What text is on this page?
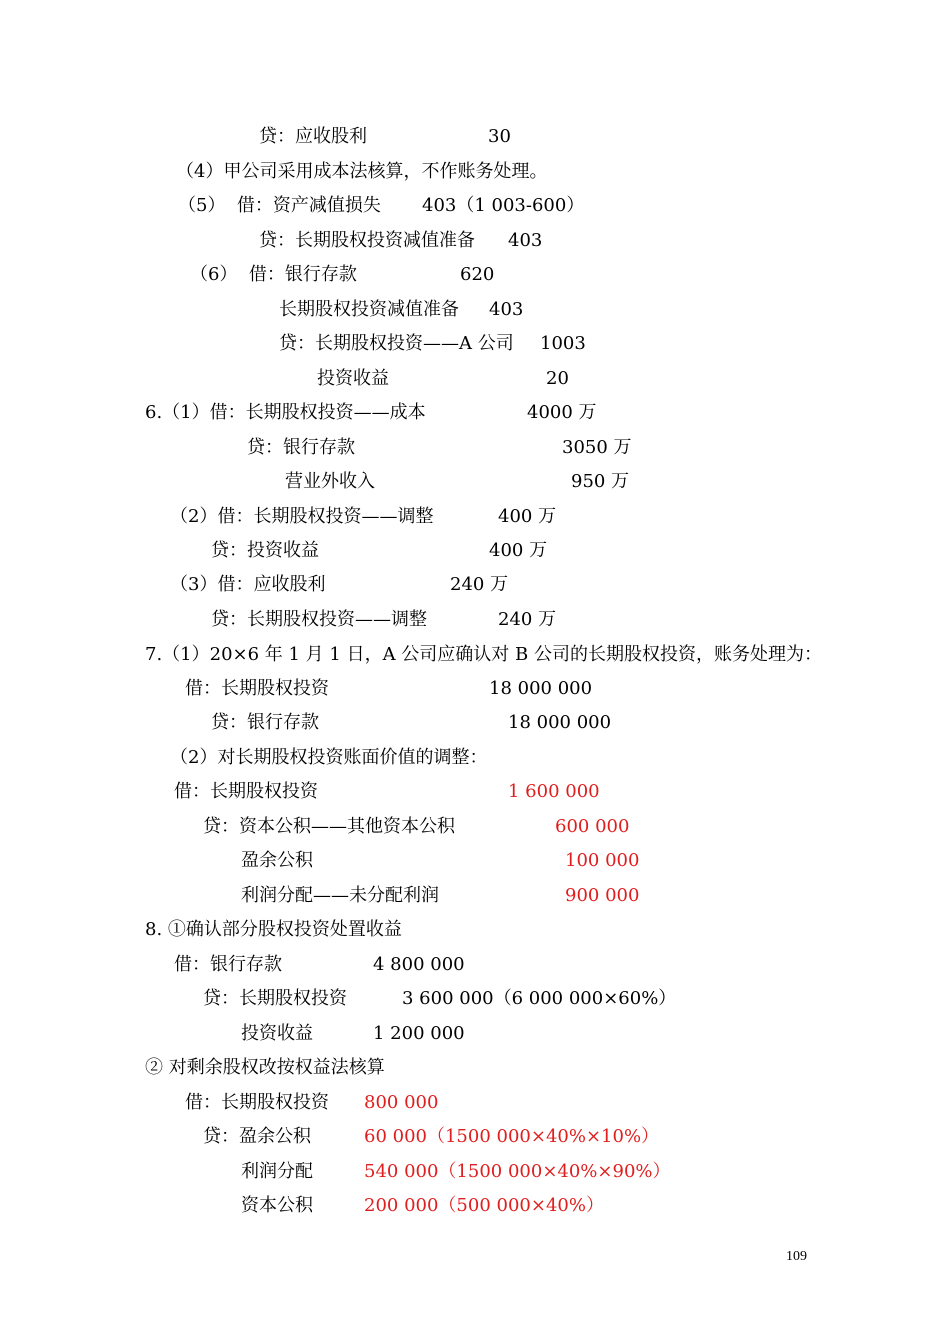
贷：应收股利	30
（4）甲公司采用成本法核算，不作账务处理。
（5）  借：资产减值损失 403（1 003-600）
贷：长期股权投资减值准备 403
（6）  借：银行存款	620
长期股权投资减值准备 403
贷：长期股权投资——A 公司 1003
投资收益	20
6.（1）借：长期股权投资——成本	4000 万
贷：银行存款	3050 万
营业外收入	950 万
（2）借：长期股权投资——调整	400 万
贷：投资收益	400 万
（3）借：应收股利	240 万
贷：长期股权投资——调整	240 万
7.（1）20×6 年 1 月 1 日，A 公司应确认对 B 公司的长期股权投资，账务处理为：
借：长期股权投资	18 000 000
贷：银行存款	18 000 000
（2）对长期股权投资账面价值的调整：
借：长期股权投资	1 600 000
贷：资本公积——其他资本公积	600 000
盈余公积	100 000
利润分配——未分配利润	900 000
8. ①确认部分股权投资处置收益
借：银行存款	4 800 000
贷：长期股权投资	3 600 000（6 000 000×60%）
投资收益	1 200 000
② 对剩余股权改按权益法核算
借：长期股权投资 800 000
贷：盈余公积	60 000（1500 000×40%×10%）
利润分配	540 000（1500 000×40%×90%）
资本公积	200 000（500 000×40%）
109
